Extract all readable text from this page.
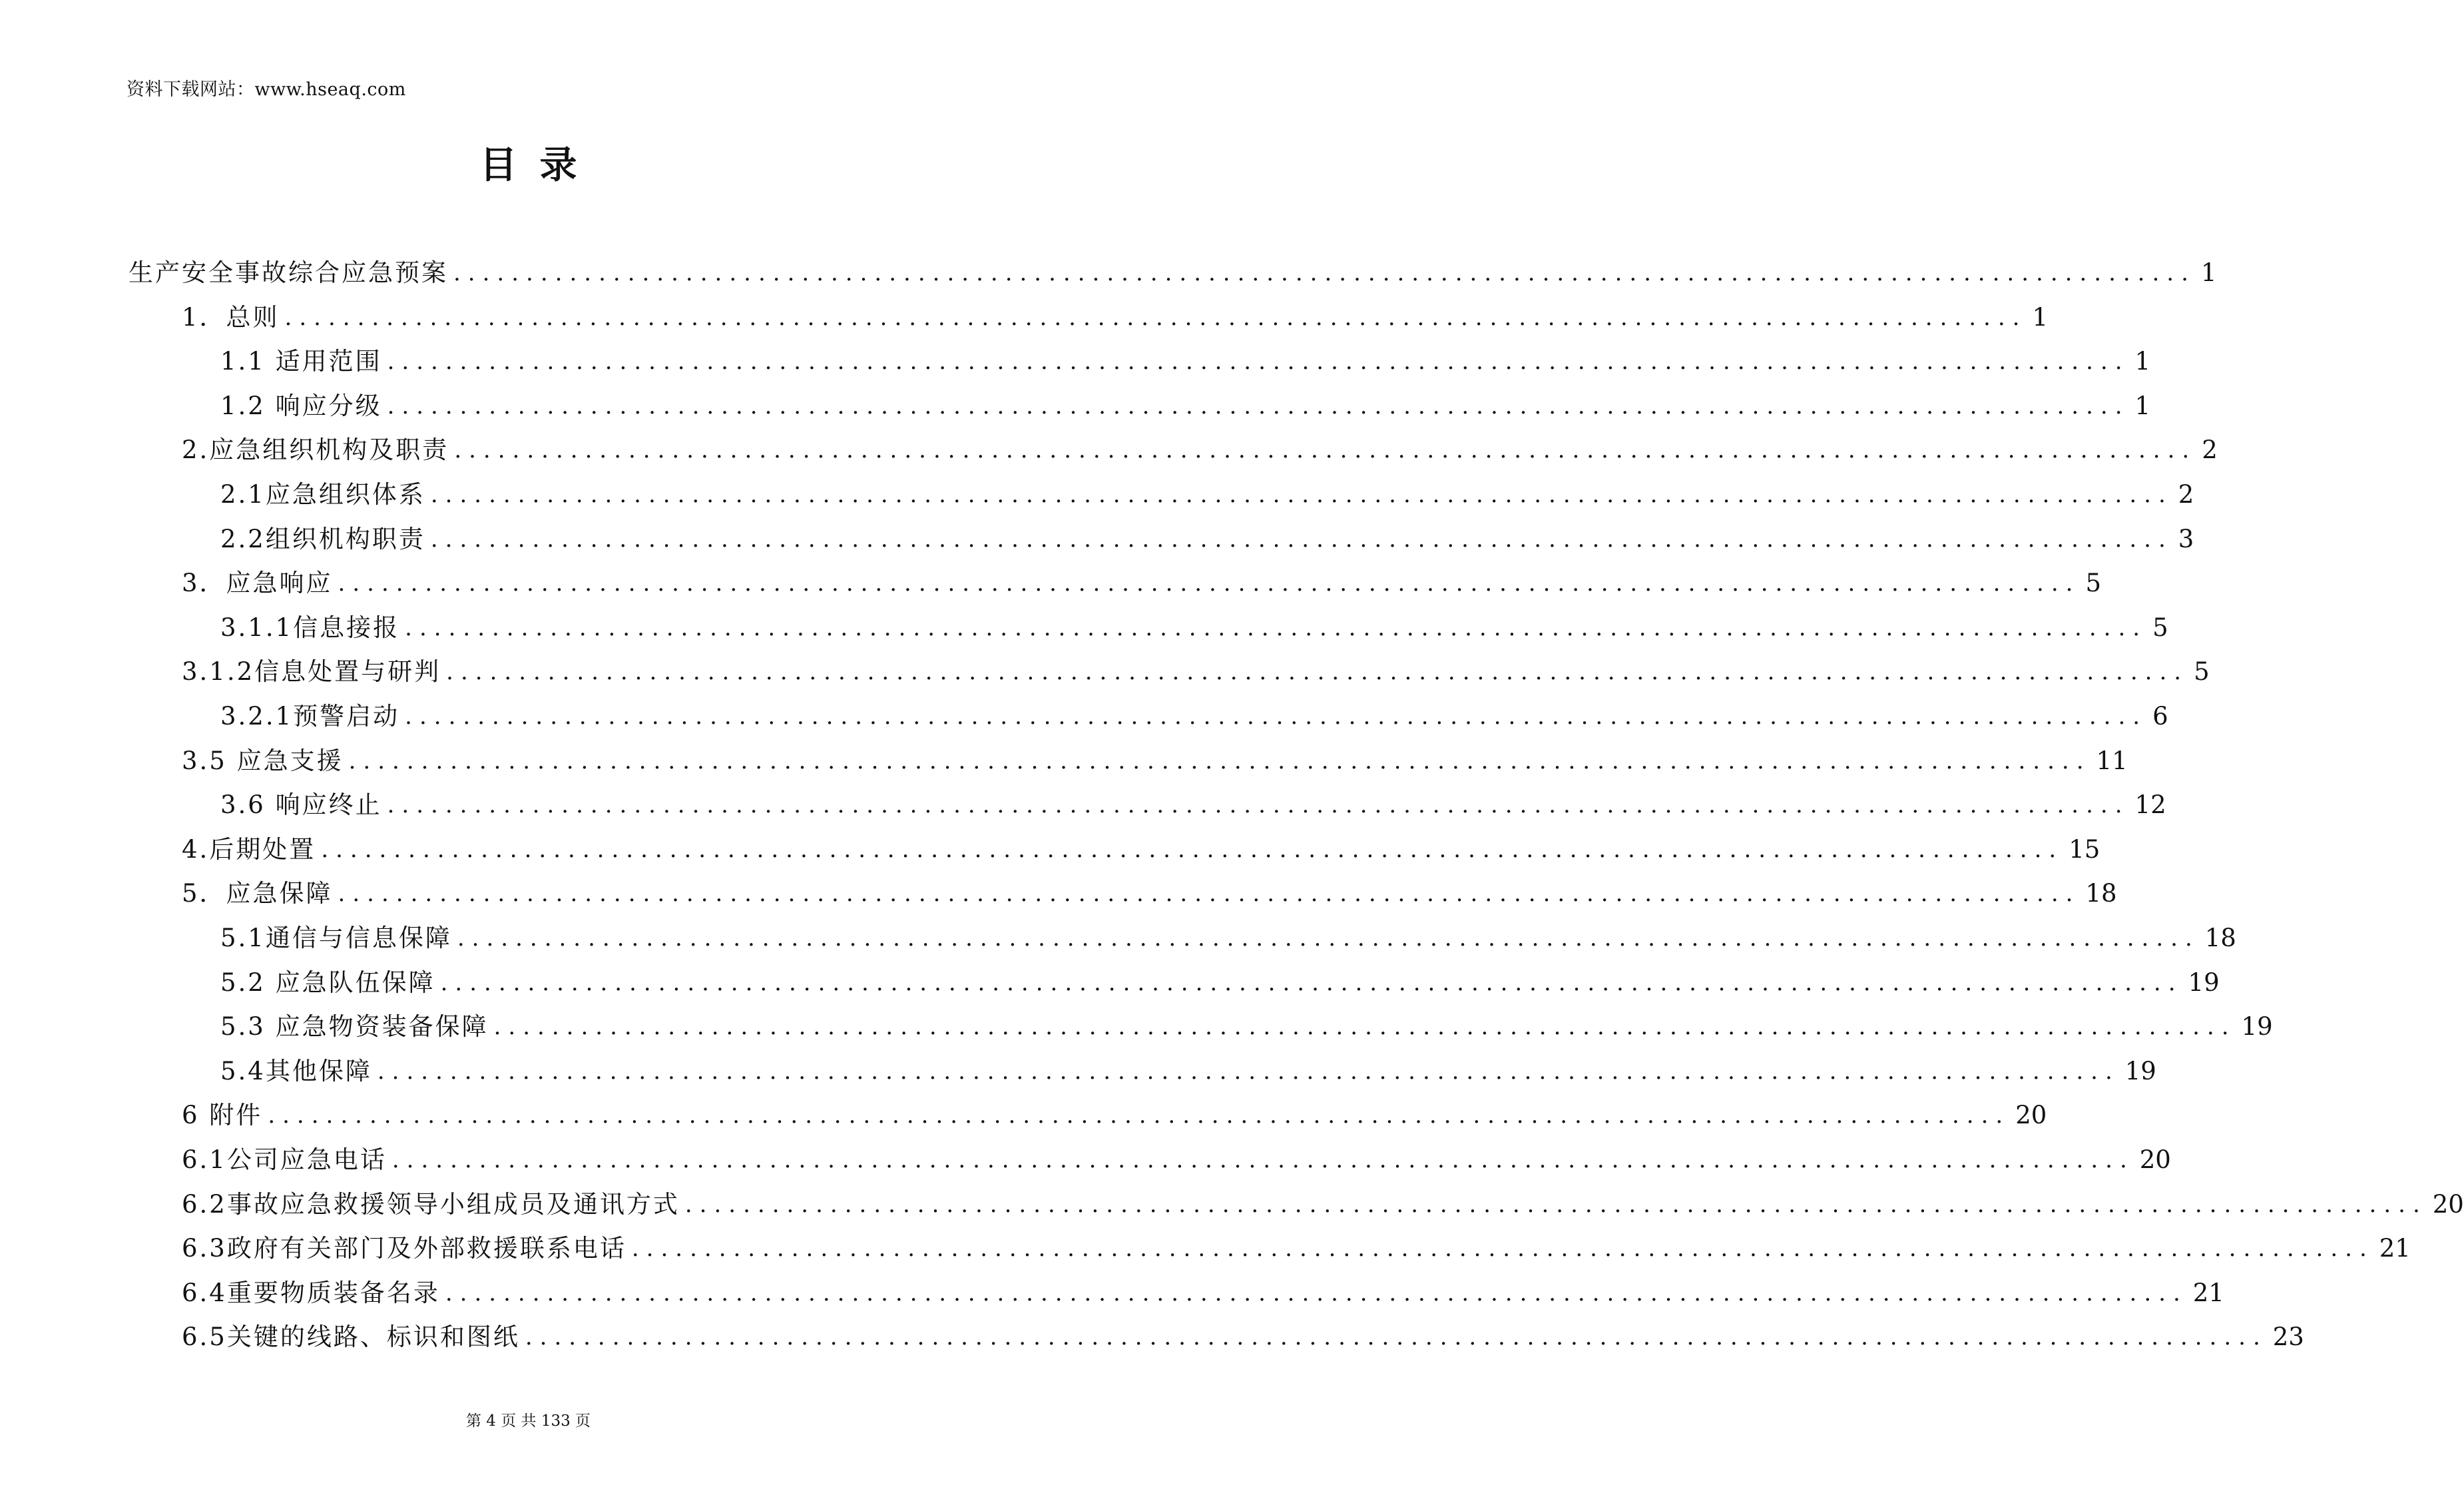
资料下载网站：www.hseaq.com
目录
生产安全事故综合应急预案 ........................................................................................................................ 1
1．总则 ........................................................................................................................ 1
1.1 适用范围 ........................................................................................................................ 1
1.2 响应分级 ........................................................................................................................ 1
2.应急组织机构及职责 ........................................................................................................................ 2
2.1应急组织体系 ........................................................................................................................ 2
2.2组织机构职责 ........................................................................................................................ 3
3．应急响应 ........................................................................................................................ 5
3.1.1信息接报 ........................................................................................................................ 5
3.1.2信息处置与研判 ........................................................................................................................ 5
3.2.1预警启动 ........................................................................................................................ 6
3.5 应急支援 ........................................................................................................................ 11
3.6 响应终止 ........................................................................................................................ 12
4.后期处置 ........................................................................................................................ 15
5．应急保障 ........................................................................................................................ 18
5.1通信与信息保障 ........................................................................................................................ 18
5.2 应急队伍保障 ........................................................................................................................ 19
5.3 应急物资装备保障 ........................................................................................................................ 19
5.4其他保障 ........................................................................................................................ 19
6 附件 ........................................................................................................................ 20
6.1公司应急电话 ........................................................................................................................ 20
6.2事故应急救援领导小组成员及通讯方式 ........................................................................................................................ 20
6.3政府有关部门及外部救援联系电话 ........................................................................................................................ 21
6.4重要物质装备名录 ........................................................................................................................ 21
6.5关键的线路、标识和图纸 ........................................................................................................................ 23
第 4 页 共 133 页
